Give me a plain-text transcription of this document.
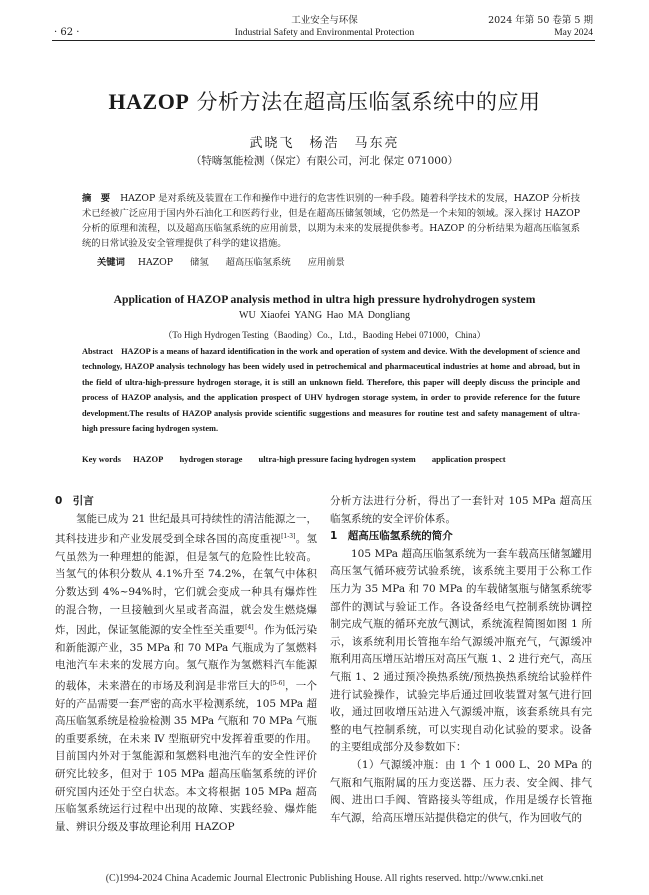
· 62 ·
工业安全与环保
Industrial Safety and Environmental Protection
2024 年第 50 卷第 5 期
May 2024
HAZOP 分析方法在超高压临氢系统中的应用
武晓飞　杨浩　马东亮
（特嗨氢能检测（保定）有限公司，河北 保定 071000）
摘　要 HAZOP 是对系统及装置在工作和操作中进行的危害性识别的一种手段。随着科学技术的发展，HAZOP 分析技术已经被广泛应用于国内外石油化工和医药行业，但是在超高压储氢领域，它仍然是一个未知的领域。深入探讨 HAZOP 分析的原理和流程，以及超高压临氢系统的应用前景，以期为未来的发展提供参考。HAZOP 的分析结果为超高压临氢系统的日常试验及安全管理提供了科学的建议措施。
关键词 HAZOP 储氢 超高压临氢系统 应用前景
Application of HAZOP analysis method in ultra high pressure hydrohydrogen system
WU Xiaofei YANG Hao MA Dongliang
（To High Hydrogen Testing（Baoding）Co.，Ltd.，Baoding Hebei 071000，China）
Abstract HAZOP is a means of hazard identification in the work and operation of system and device. With the development of science and technology, HAZOP analysis technology has been widely used in petrochemical and pharmaceutical industries at home and abroad, but in the field of ultra-high-pressure hydrogen storage, it is still an unknown field. Therefore, this paper will deeply discuss the principle and process of HAZOP analysis, and the application prospect of UHV hydrogen storage system, in order to provide reference for the future development.The results of HAZOP analysis provide scientific suggestions and measures for routine test and safety management of ultra-high pressure facing hydrogen system.
Key words HAZOP hydrogen storage ultra-high pressure facing hydrogen system application prospect
0　引言

氢能已成为 21 世纪最具可持续性的清洁能源之一，其科技进步和产业发展受到全球各国的高度重视[1-3]。氢气虽然为一种理想的能源，但是氢气的危险性比较高。当氢气的体积分数从 4.1%升至 74.2%，在氧气中体积分数达到 4%~94%时，它们就会变成一种具有爆炸性的混合物，一旦接触到火星或者高温，就会发生燃烧爆炸，因此，保证氢能源的安全性至关重要[4]。作为低污染和新能源产业，35 MPa 和 70 MPa 气瓶成为了氢燃料电池汽车未来的发展方向。氢气瓶作为氢燃料汽车能源的载体，未来潜在的市场及利润是非常巨大的[5-6]，一个好的产品需要一套严密的高水平检测系统，105 MPa 超高压临氢系统是检验检测 35 MPa 气瓶和 70 MPa 气瓶的重要系统，在未来 Ⅳ 型瓶研究中发挥着重要的作用。目前国内外对于氢能源和氢燃料电池汽车的安全性评价研究比较多，但对于 105 MPa 超高压临氢系统的评价研究国内还处于空白状态。本文将根据 105 MPa 超高压临氢系统运行过程中出现的故障、实践经验、爆炸能量、辨识分级及事故理论利用 HAZOP

分析方法进行分析，得出了一套针对 105 MPa 超高压临氢系统的安全评价体系。

1　超高压临氢系统的简介

105 MPa 超高压临氢系统为一套车载高压储氢罐用高压氢气循环疲劳试验系统，该系统主要用于公称工作压力为 35 MPa 和 70 MPa 的车载储氢瓶与储氢系统零部件的测试与验证工作。各设备经电气控制系统协调控制完成气瓶的循环充放气测试，系统流程简图如图 1 所示，该系统利用长管拖车给气源缓冲瓶充气，气源缓冲瓶利用高压增压站增压对高压气瓶 1、2 进行充气，高压气瓶 1、2 通过预冷换热系统/预热换热系统给试验样件进行试验操作，试验完毕后通过回收装置对氢气进行回收，通过回收增压站进入气源缓冲瓶，该套系统具有完整的电气控制系统，可以实现自动化试验的要求。设备的主要组成部分及参数如下：

（1）气源缓冲瓶：由 1 个 1 000 L、20 MPa 的气瓶和气瓶附属的压力变送器、压力表、安全阀、排气阀、进出口手阀、管路接头等组成，作用是缓存长管拖车气源，给高压增压站提供稳定的供气，作为回收气的

(C)1994-2024 China Academic Journal Electronic Publishing House. All rights reserved. http://www.cnki.net
